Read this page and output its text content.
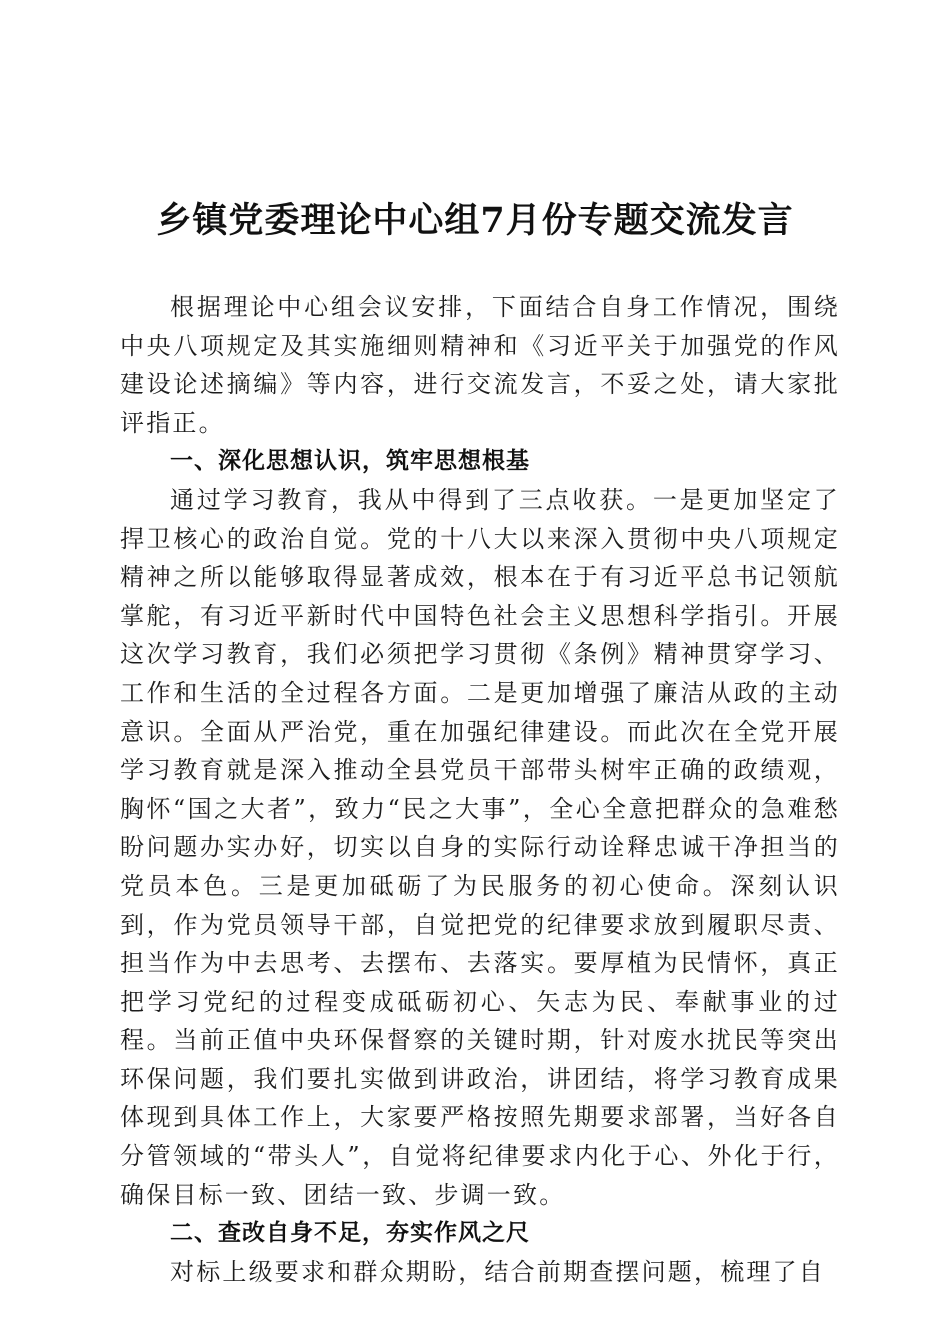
乡镇党委理论中心组7月份专题交流发言

根据理论中心组会议安排，下面结合自身工作情况，围绕中央八项规定及其实施细则精神和《习近平关于加强党的作风建设论述摘编》等内容，进行交流发言，不妥之处，请大家批评指正。

一、深化思想认识，筑牢思想根基

通过学习教育，我从中得到了三点收获。一是更加坚定了捍卫核心的政治自觉。党的十八大以来深入贯彻中央八项规定精神之所以能够取得显著成效，根本在于有习近平总书记领航掌舵，有习近平新时代中国特色社会主义思想科学指引。开展这次学习教育，我们必须把学习贯彻《条例》精神贯穿学习、工作和生活的全过程各方面。二是更加增强了廉洁从政的主动意识。全面从严治党，重在加强纪律建设。而此次在全党开展学习教育就是深入推动全县党员干部带头树牢正确的政绩观，胸怀“国之大者”，致力“民之大事”，全心全意把群众的急难愁盼问题办实办好，切实以自身的实际行动诠释忠诚干净担当的党员本色。三是更加砥砺了为民服务的初心使命。深刻认识到，作为党员领导干部，自觉把党的纪律要求放到履职尽责、担当作为中去思考、去摆布、去落实。要厚植为民情怀，真正把学习党纪的过程变成砥砺初心、矢志为民、奉献事业的过程。当前正值中央环保督察的关键时期，针对废水扰民等突出环保问题，我们要扎实做到讲政治，讲团结，将学习教育成果体现到具体工作上，大家要严格按照先期要求部署，当好各自分管领域的“带头人”，自觉将纪律要求内化于心、外化于行，确保目标一致、团结一致、步调一致。

二、查改自身不足，夯实作风之尺

对标上级要求和群众期盼，结合前期查摆问题，梳理了自
